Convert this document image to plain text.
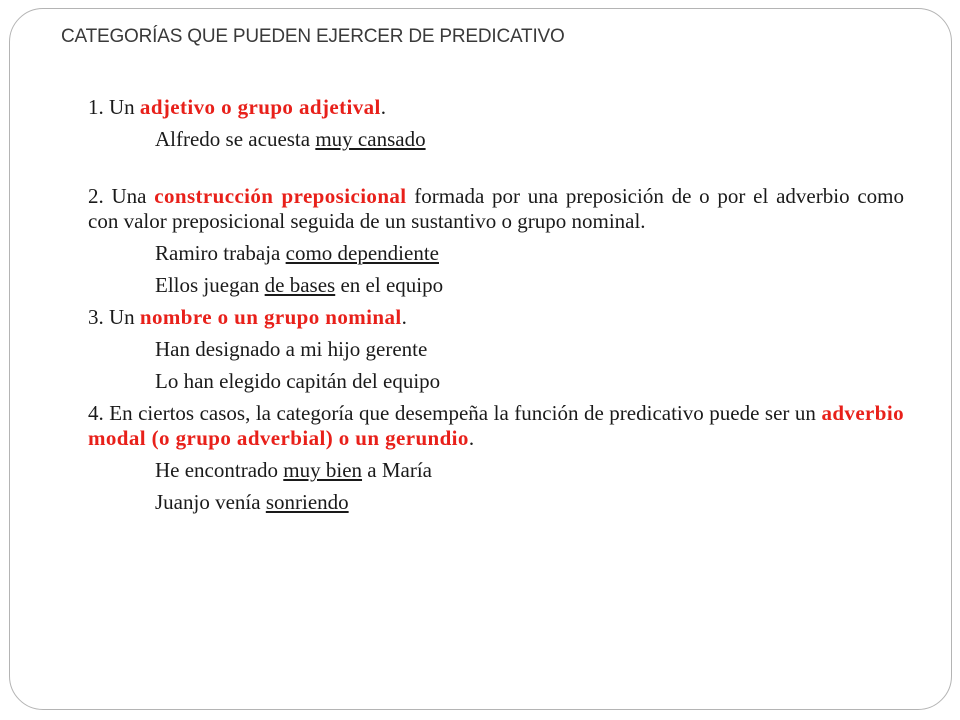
CATEGORÍAS QUE PUEDEN EJERCER DE PREDICATIVO
1. Un adjetivo o grupo adjetival.
Alfredo se acuesta muy cansado
2. Una construcción preposicional formada por una preposición de o por el adverbio como con valor preposicional seguida de un sustantivo o grupo nominal.
Ramiro trabaja como dependiente
Ellos juegan de bases en el equipo
3. Un nombre o un grupo nominal.
Han designado a mi hijo gerente
Lo han elegido capitán del equipo
4. En ciertos casos, la categoría que desempeña la función de predicativo puede ser un adverbio modal (o grupo adverbial) o un gerundio.
He encontrado muy bien a María
Juanjo venía sonriendo
